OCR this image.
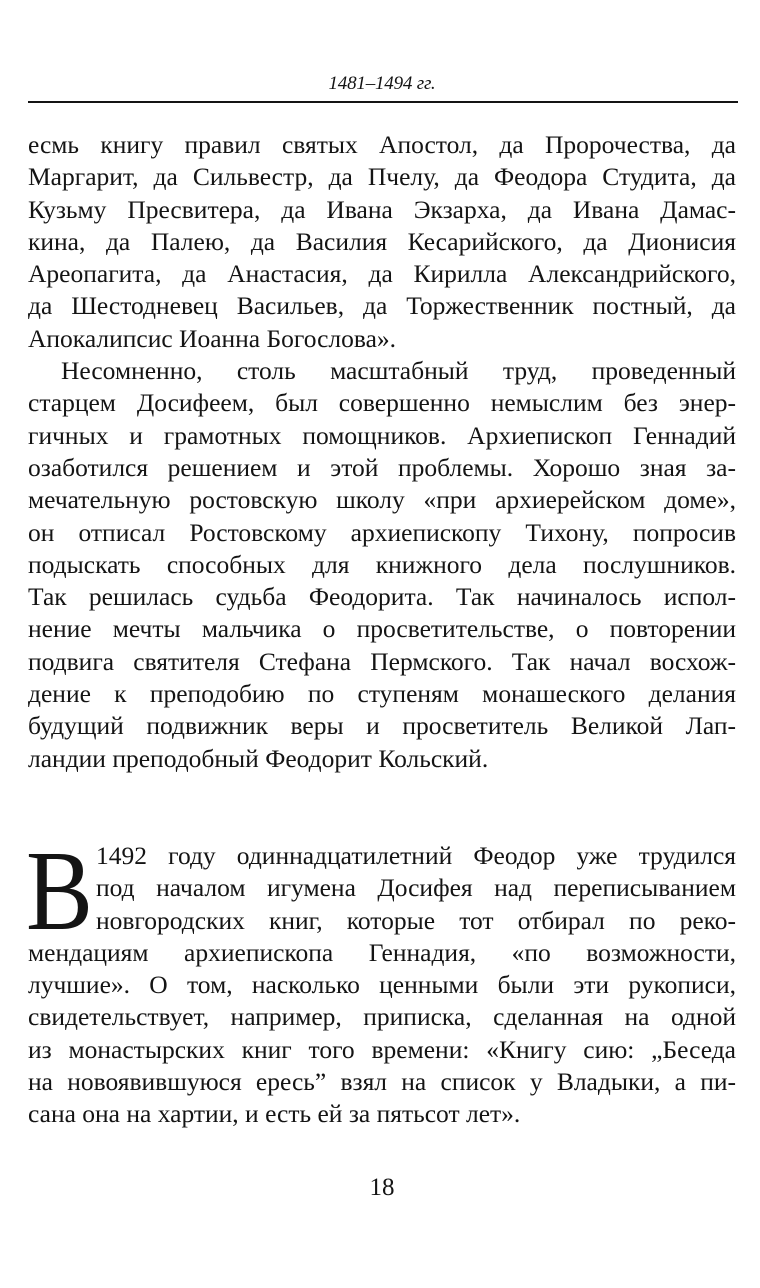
1481–1494 гг.
есмь книгу правил святых Апостол, да Пророчества, да
Маргарит, да Сильвестр, да Пчелу, да Феодора Студита, да
Кузьму Пресвитера, да Ивана Экзарха, да Ивана Дамас-
кина, да Палею, да Василия Кесарийского, да Дионисия
Ареопагита, да Анастасия, да Кирилла Александрийского,
да Шестодневец Васильев, да Торжественник постный, да
Апокалипсис Иоанна Богослова».
Несомненно, столь масштабный труд, проведенный
старцем Досифеем, был совершенно немыслим без энер-
гичных и грамотных помощников. Архиепископ Геннадий
озаботился решением и этой проблемы. Хорошо зная за-
мечательную ростовскую школу «при архиерейском доме»,
он отписал Ростовскому архиепископу Тихону, попросив
подыскать способных для книжного дела послушников.
Так решилась судьба Феодорита. Так начиналось испол-
нение мечты мальчика о просветительстве, о повторении
подвига святителя Стефана Пермского. Так начал восхож-
дение к преподобию по ступеням монашеского делания
будущий подвижник веры и просветитель Великой Лап-
ландии преподобный Феодорит Кольский.
В 1492 году одиннадцатилетний Феодор уже трудился
под началом игумена Досифея над переписыванием
новгородских книг, которые тот отбирал по реко-
мендациям архиепископа Геннадия, «по возможности,
лучшие». О том, насколько ценными были эти рукописи,
свидетельствует, например, приписка, сделанная на одной
из монастырских книг того времени: «Книгу сию: „Беседа
на новоявившуюся ересь” взял на список у Владыки, а пи-
сана она на хартии, и есть ей за пятьсот лет».
18
